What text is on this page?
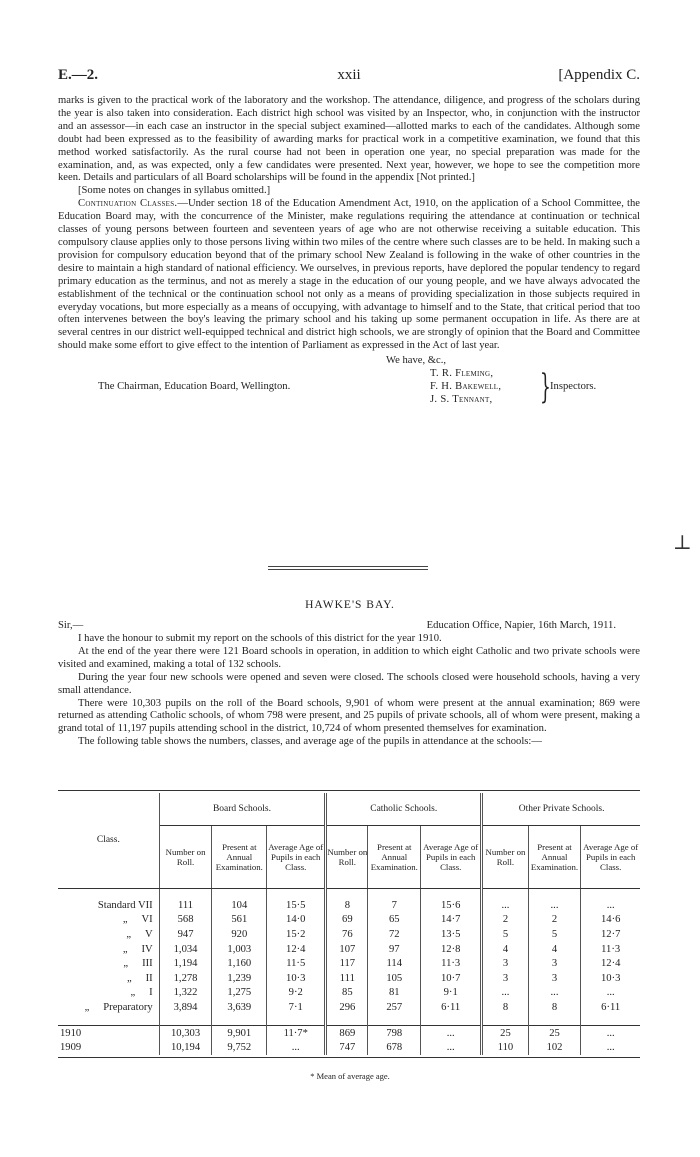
E.—2.	xxii	[Appendix C.

marks is given to the practical work of the laboratory and the workshop. The attendance, diligence, and progress of the scholars during the year is also taken into consideration. Each district high school was visited by an Inspector, who, in conjunction with the instructor and an assessor—in each case an instructor in the special subject examined—allotted marks to each of the candidates. Although some doubt had been expressed as to the feasibility of awarding marks for practical work in a competitive examination, we found that this method worked satisfactorily. As the rural course had not been in operation one year, no special preparation was made for the examination, and, as was expected, only a few candidates were presented. Next year, however, we hope to see the competition more keen. Details and particulars of all Board scholarships will be found in the appendix [Not printed.]

[Some notes on changes in syllabus omitted.]

Continuation Classes.—Under section 18 of the Education Amendment Act, 1910, on the application of a School Committee, the Education Board may, with the concurrence of the Minister, make regulations requiring the attendance at continuation or technical classes of young persons between fourteen and seventeen years of age who are not otherwise receiving a suitable education. This compulsory clause applies only to those persons living within two miles of the centre where such classes are to be held. In making such a provision for compulsory education beyond that of the primary school New Zealand is following in the wake of other countries in the desire to maintain a high standard of national efficiency. We ourselves, in previous reports, have deplored the popular tendency to regard primary education as the terminus, and not as merely a stage in the education of our young people, and we have always advocated the establishment of the technical or the continuation school not only as a means of providing specialization in those subjects required in everyday vocations, but more especially as a means of occupying, with advantage to himself and to the State, that critical period that too often intervenes between the boy's leaving the primary school and his taking up some permanent occupation in life. As there are at several centres in our district well-equipped technical and district high schools, we are strongly of opinion that the Board and Committee should make some effort to give effect to the intention of Parliament as expressed in the Act of last year.

We have, &c.,
T. R. Fleming,
F. H. Bakewell,
J. S. Tennant, } Inspectors.
The Chairman, Education Board, Wellington.
⊥
HAWKE'S BAY.
Sir,—	Education Office, Napier, 16th March, 1911.

I have the honour to submit my report on the schools of this district for the year 1910.

At the end of the year there were 121 Board schools in operation, in addition to which eight Catholic and two private schools were visited and examined, making a total of 132 schools.

During the year four new schools were opened and seven were closed. The schools closed were household schools, having a very small attendance.

There were 10,303 pupils on the roll of the Board schools, 9,901 of whom were present at the annual examination; 869 were returned as attending Catholic schools, of whom 798 were present, and 25 pupils of private schools, all of whom were present, making a grand total of 11,197 pupils attending school in the district, 10,724 of whom presented themselves for examination.

The following table shows the numbers, classes, and average age of the pupils in attendance at the schools:—

Class.	Board Schools.			Catholic Schools.			Other Private Schools.		
	Number on Roll.	Present at Annual Examination.	Average Age of Pupils in each Class.	Number on Roll.	Present at Annual Examination.	Average Age of Pupils in each Class.	Number on Roll.	Present at Annual Examination.	Average Age of Pupils in each Class.

Standard VII	111	104	15·5	8	7	15·6	...	...	...
„ VI	568	561	14·0	69	65	14·7	2	2	14·6
„ V	947	920	15·2	76	72	13·5	5	5	12·7
„ IV	1,034	1,003	12·4	107	97	12·8	4	4	11·3
„ III	1,194	1,160	11·5	117	114	11·3	3	3	12·4
„ II	1,278	1,239	10·3	111	105	10·7	3	3	10·3
„ I	1,322	1,275	9·2	85	81	9·1	...	...	...
„ Preparatory	3,894	3,639	7·1	296	257	6·11	8	8	6·11

1910	10,303	9,901	11·7*	869	798	...	25	25	...
1909	10,194	9,752	...	747	678	...	110	102	...

* Mean of average age.
